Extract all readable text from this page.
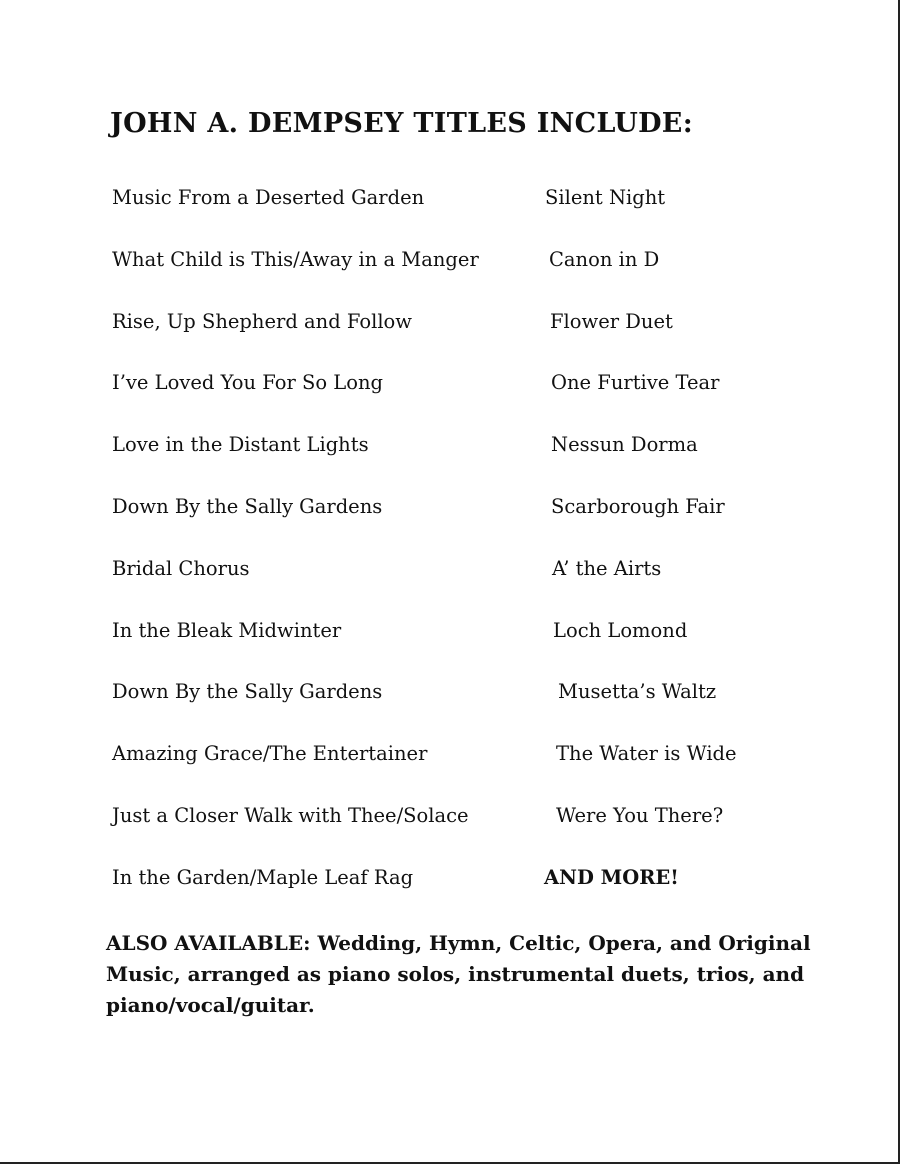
JOHN A. DEMPSEY TITLES INCLUDE:
Music From a Deserted Garden	Silent Night
What Child is This/Away in a Manger	Canon in D
Rise, Up Shepherd and Follow	Flower Duet
I’ve Loved You For So Long	One Furtive Tear
Love in the Distant Lights	Nessun Dorma
Down By the Sally Gardens	Scarborough Fair
Bridal Chorus	A’ the Airts
In the Bleak Midwinter	Loch Lomond
Down By the Sally Gardens	Musetta’s Waltz
Amazing Grace/The Entertainer	The Water is Wide
Just a Closer Walk with Thee/Solace	Were You There?
In the Garden/Maple Leaf Rag	AND MORE!
ALSO AVAILABLE: Wedding, Hymn, Celtic, Opera, and Original Music, arranged as piano solos, instrumental duets, trios, and piano/vocal/guitar.
